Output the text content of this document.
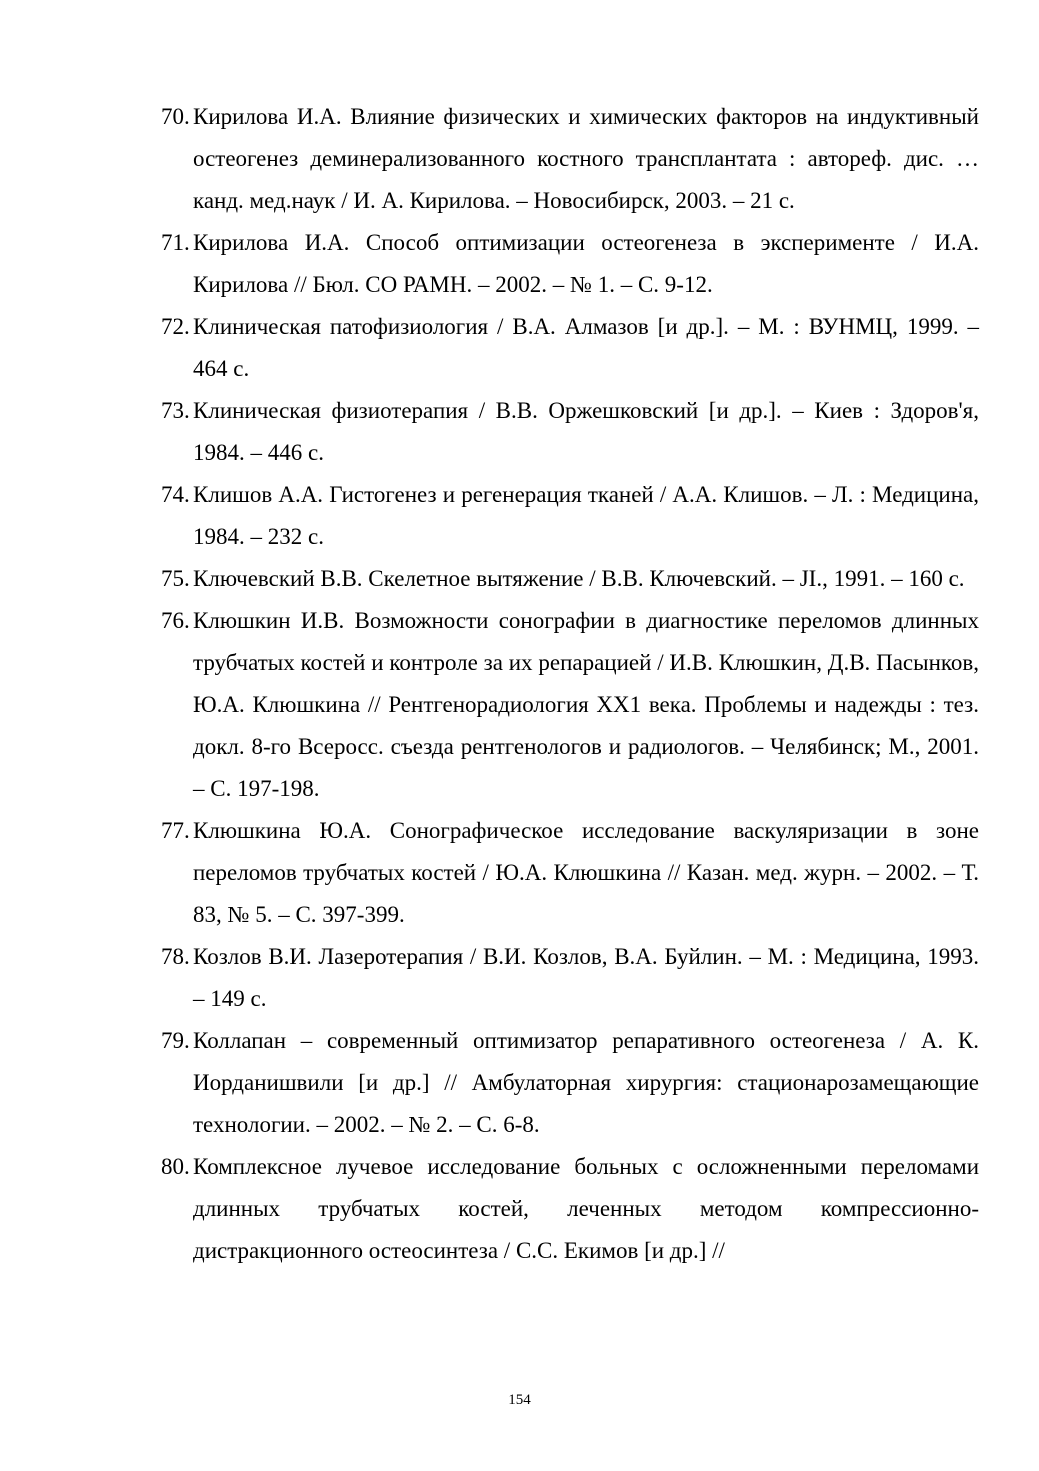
70. Кирилова И.А. Влияние физических и химических факторов на индуктивный остеогенез деминерализованного костного трансплантата : автореф. дис. … канд. мед.наук / И. А. Кирилова. – Новосибирск, 2003. – 21 с.
71. Кирилова И.А. Способ оптимизации остеогенеза в эксперименте / И.А. Кирилова // Бюл. СО РАМН. – 2002. – № 1. – С. 9-12.
72. Клиническая патофизиология / В.А. Алмазов [и др.]. – М. : ВУНМЦ, 1999. – 464 с.
73. Клиническая физиотерапия / В.В. Оржешковский [и др.]. – Киев : Здоров'я, 1984. – 446 с.
74. Клишов А.А. Гистогенез и регенерация тканей / А.А. Клишов. – Л. : Медицина, 1984. – 232 с.
75. Ключевский В.В. Скелетное вытяжение / В.В. Ключевский. – JI., 1991. – 160 с.
76. Клюшкин И.В. Возможности сонографии в диагностике переломов длинных трубчатых костей и контроле за их репарацией / И.В. Клюшкин, Д.В. Пасынков, Ю.А. Клюшкина // Рентгенорадиология XX1 века. Проблемы и надежды : тез. докл. 8-го Всеросс. съезда рентгенологов и радиологов. – Челябинск; М., 2001. – С. 197-198.
77. Клюшкина Ю.А. Сонографическое исследование васкуляризации в зоне переломов трубчатых костей / Ю.А. Клюшкина // Казан. мед. журн. – 2002. – Т. 83, № 5. – С. 397-399.
78. Козлов В.И. Лазеротерапия / В.И. Козлов, В.А. Буйлин. – М. : Медицина, 1993. – 149 с.
79. Коллапан – современный оптимизатор репаративного остеогенеза / А. К. Иорданишвили [и др.] // Амбулаторная хирургия: стационарозамещающие технологии. – 2002. – № 2. – С. 6-8.
80. Комплексное лучевое исследование больных с осложненными переломами длинных трубчатых костей, леченных методом компрессионно-дистракционного остеосинтеза / С.С. Екимов [и др.] //
154
